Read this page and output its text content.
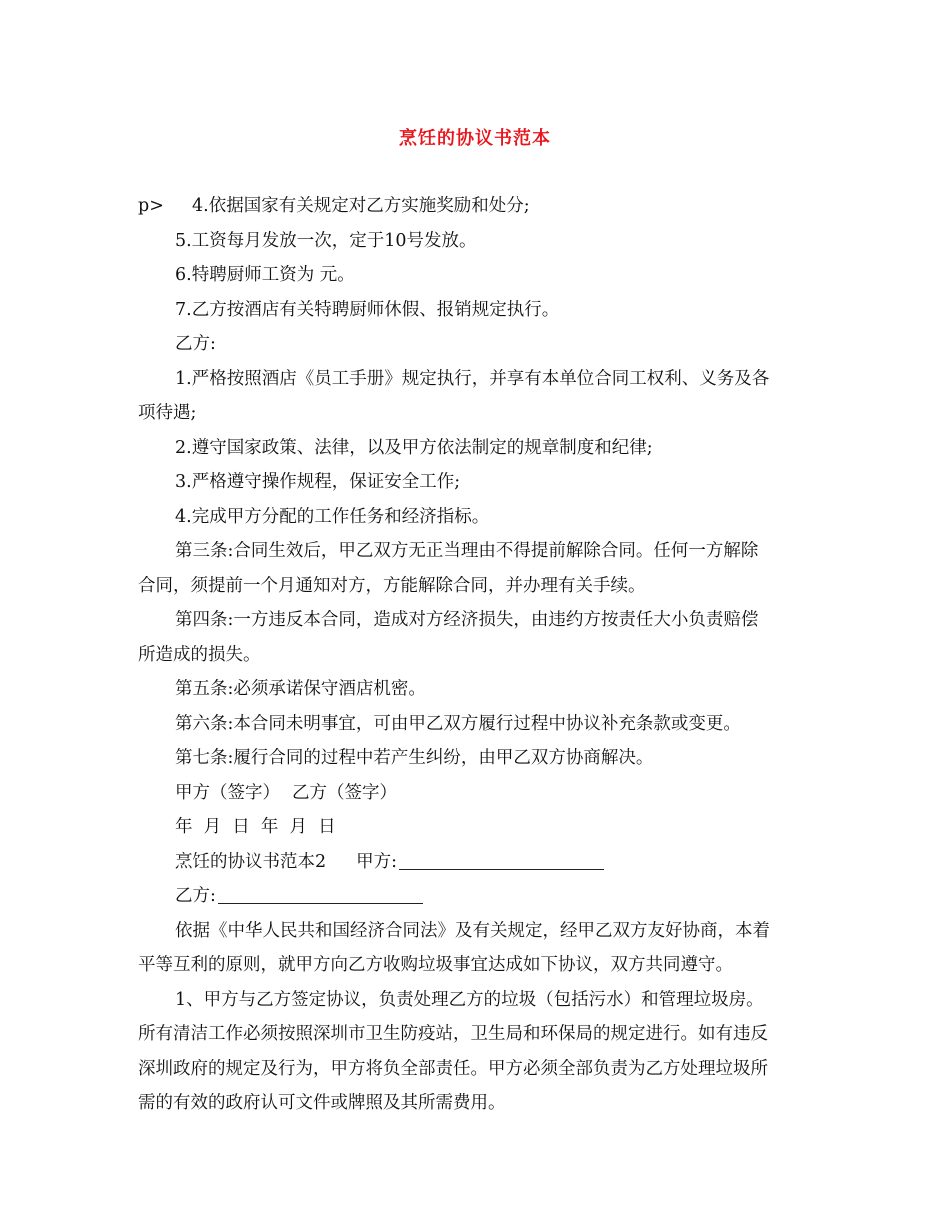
烹饪的协议书范本
p> 4.依据国家有关规定对乙方实施奖励和处分;
5.工资每月发放一次，定于10号发放。
6.特聘厨师工资为 元。
7.乙方按酒店有关特聘厨师休假、报销规定执行。
乙方:
1.严格按照酒店《员工手册》规定执行，并享有本单位合同工权利、义务及各
项待遇;
2.遵守国家政策、法律，以及甲方依法制定的规章制度和纪律;
3.严格遵守操作规程，保证安全工作;
4.完成甲方分配的工作任务和经济指标。
第三条:合同生效后，甲乙双方无正当理由不得提前解除合同。任何一方解除
合同，须提前一个月通知对方，方能解除合同，并办理有关手续。
第四条:一方违反本合同，造成对方经济损失，由违约方按责任大小负责赔偿
所造成的损失。
第五条:必须承诺保守酒店机密。
第六条:本合同未明事宜，可由甲乙双方履行过程中协议补充条款或变更。
第七条:履行合同的过程中若产生纠纷，由甲乙双方协商解决。
甲方（签字） 乙方（签字）
年  月  日  年  月  日
烹饪的协议书范本2 甲方:
乙方:
依据《中华人民共和国经济合同法》及有关规定，经甲乙双方友好协商，本着
平等互利的原则，就甲方向乙方收购垃圾事宜达成如下协议，双方共同遵守。
1、甲方与乙方签定协议，负责处理乙方的垃圾（包括污水）和管理垃圾房。
所有清洁工作必须按照深圳市卫生防疫站，卫生局和环保局的规定进行。如有违反
深圳政府的规定及行为，甲方将负全部责任。甲方必须全部负责为乙方处理垃圾所
需的有效的政府认可文件或牌照及其所需费用。
